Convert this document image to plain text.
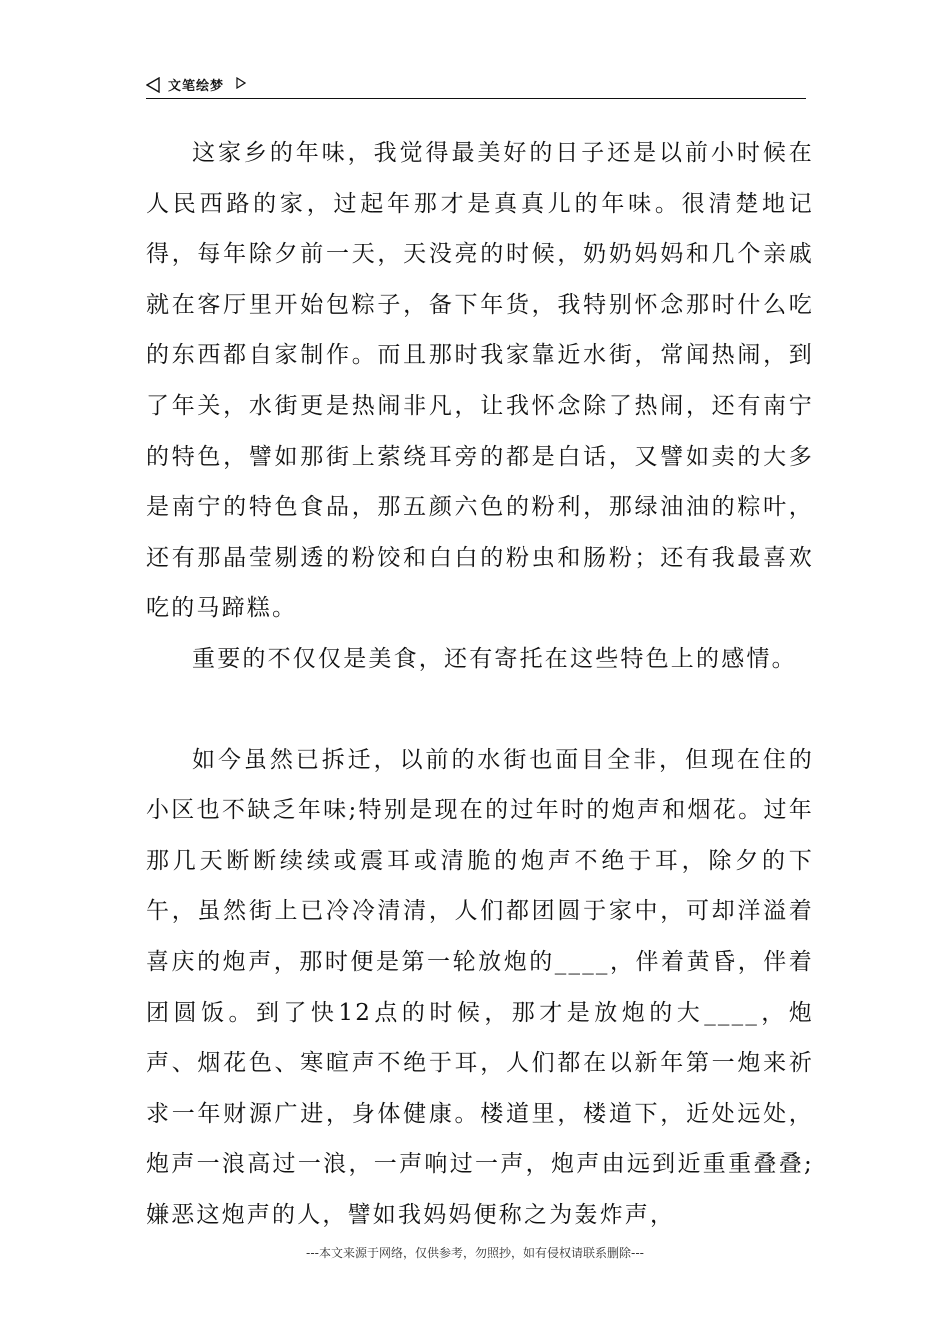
文笔绘梦

这家乡的年味，我觉得最美好的日子还是以前小时候在人民西路的家，过起年那才是真真儿的年味。很清楚地记得，每年除夕前一天，天没亮的时候，奶奶妈妈和几个亲戚就在客厅里开始包粽子，备下年货，我特别怀念那时什么吃的东西都自家制作。而且那时我家靠近水街，常闻热闹，到了年关，水街更是热闹非凡，让我怀念除了热闹，还有南宁的特色，譬如那街上萦绕耳旁的都是白话，又譬如卖的大多是南宁的特色食品，那五颜六色的粉利，那绿油油的粽叶，还有那晶莹剔透的粉饺和白白的粉虫和肠粉；还有我最喜欢吃的马蹄糕。

重要的不仅仅是美食，还有寄托在这些特色上的感情。

如今虽然已拆迁，以前的水街也面目全非，但现在住的小区也不缺乏年味;特别是现在的过年时的炮声和烟花。过年那几天断断续续或震耳或清脆的炮声不绝于耳，除夕的下午，虽然街上已冷冷清清，人们都团圆于家中，可却洋溢着喜庆的炮声，那时便是第一轮放炮的____，伴着黄昏，伴着团圆饭。到了快12点的时候，那才是放炮的大____，炮声、烟花色、寒暄声不绝于耳，人们都在以新年第一炮来祈求一年财源广进，身体健康。楼道里，楼道下，近处远处，炮声一浪高过一浪，一声响过一声，炮声由远到近重重叠叠;嫌恶这炮声的人，譬如我妈妈便称之为轰炸声，

---本文来源于网络，仅供参考，勿照抄，如有侵权请联系删除---
